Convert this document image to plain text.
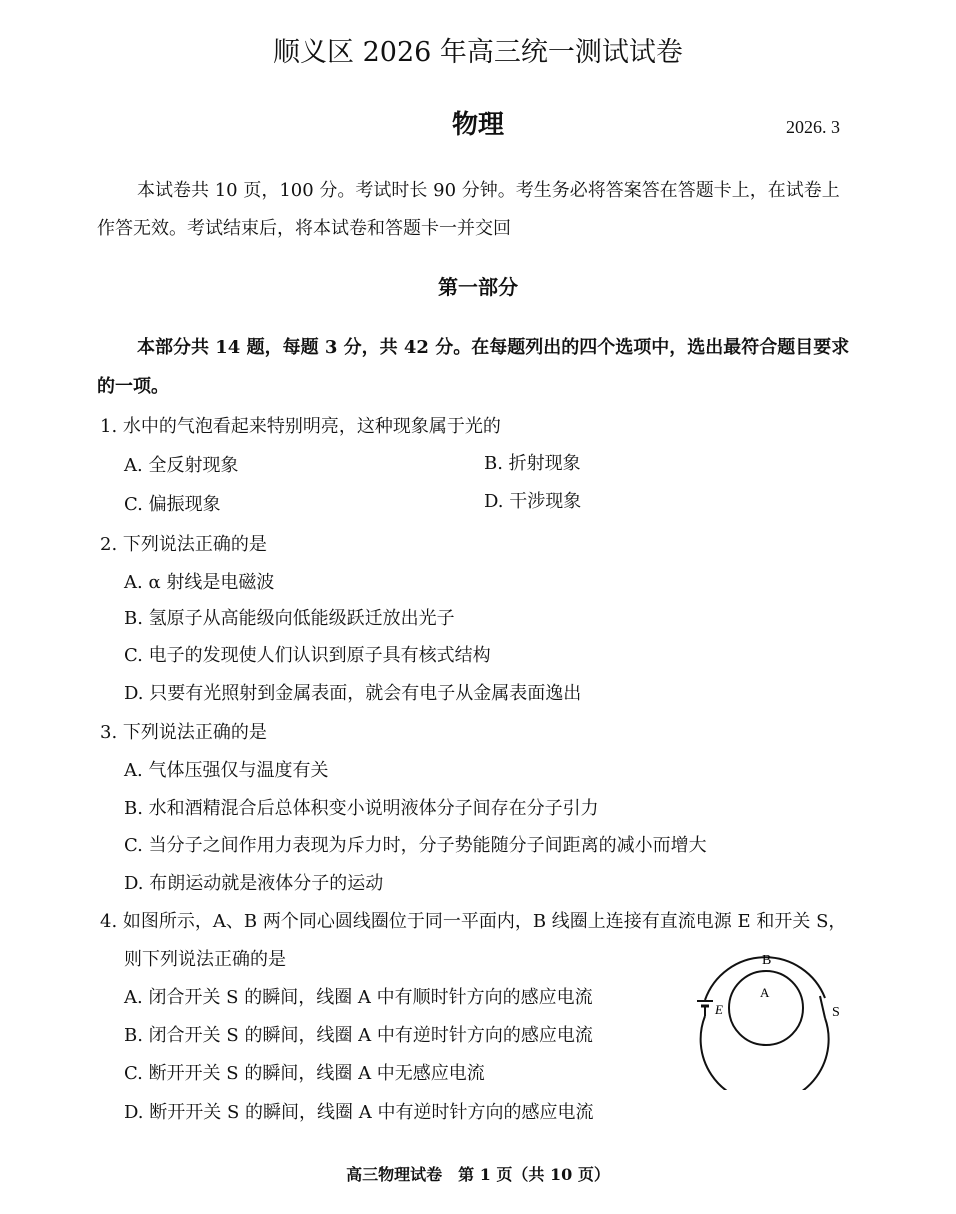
顺义区 2026 年高三统一测试试卷
物理	2026. 3
本试卷共 10 页，100 分。考试时长 90 分钟。考生务必将答案答在答题卡上，在试卷上
作答无效。考试结束后，将本试卷和答题卡一并交回
第一部分
本部分共 14 题，每题 3 分，共 42 分。在每题列出的四个选项中，选出最符合题目要求
的一项。
1. 水中的气泡看起来特别明亮，这种现象属于光的
A. 全反射现象	B. 折射现象
C. 偏振现象	D. 干涉现象
2. 下列说法正确的是
A. α 射线是电磁波
B. 氢原子从高能级向低能级跃迁放出光子
C. 电子的发现使人们认识到原子具有核式结构
D. 只要有光照射到金属表面，就会有电子从金属表面逸出
3. 下列说法正确的是
A. 气体压强仅与温度有关
B. 水和酒精混合后总体积变小说明液体分子间存在分子引力
C. 当分子之间作用力表现为斥力时，分子势能随分子间距离的减小而增大
D. 布朗运动就是液体分子的运动
4. 如图所示，A、B 两个同心圆线圈位于同一平面内，B 线圈上连接有直流电源 E 和开关 S，
则下列说法正确的是
A. 闭合开关 S 的瞬间，线圈 A 中有顺时针方向的感应电流
B. 闭合开关 S 的瞬间，线圈 A 中有逆时针方向的感应电流
C. 断开开关 S 的瞬间，线圈 A 中无感应电流
D. 断开开关 S 的瞬间，线圈 A 中有逆时针方向的感应电流
B
A
E	S
高三物理试卷　第 1 页（共 10 页）
